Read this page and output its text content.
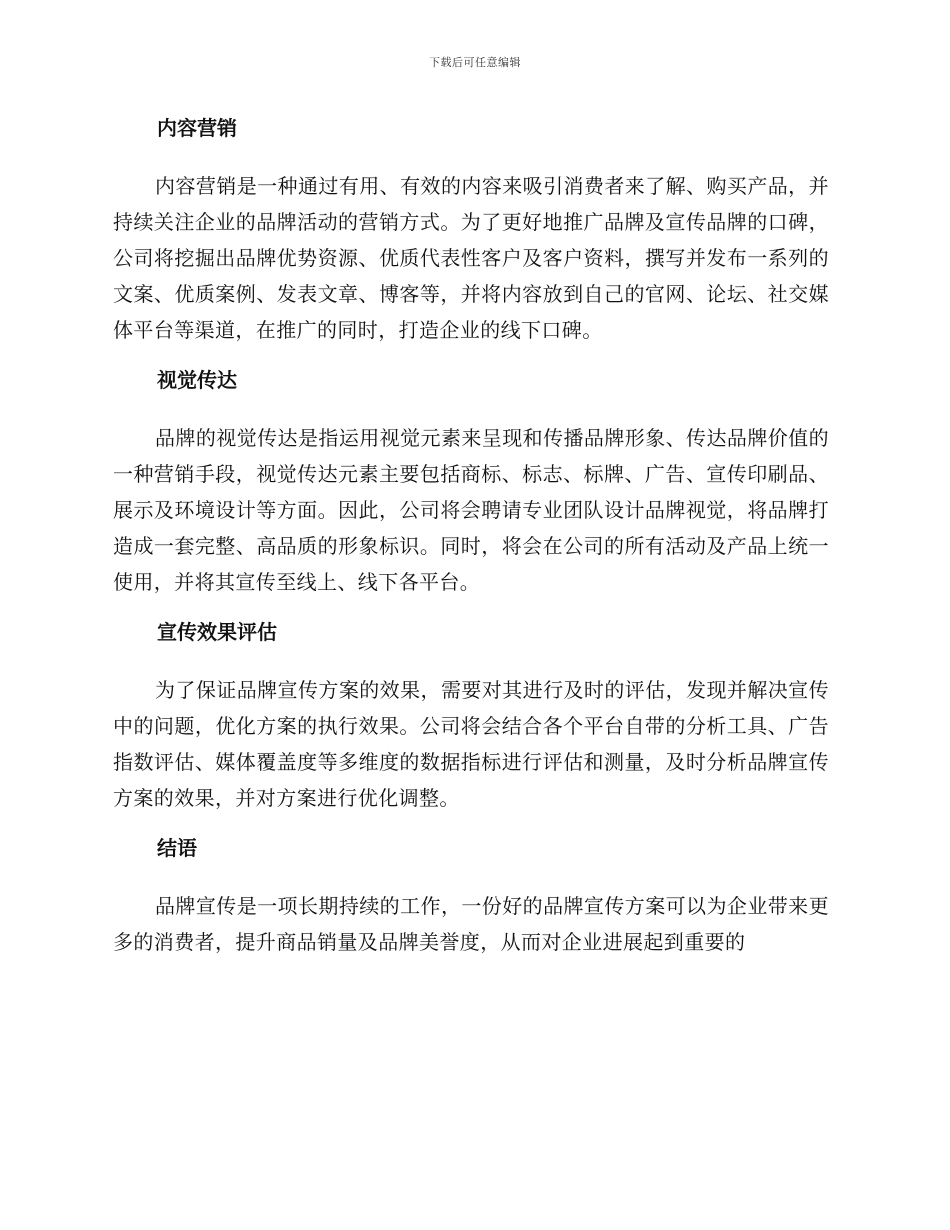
下载后可任意编辑
内容营销

内容营销是一种通过有用、有效的内容来吸引消费者来了解、购买产品，并持续关注企业的品牌活动的营销方式。为了更好地推广品牌及宣传品牌的口碑，公司将挖掘出品牌优势资源、优质代表性客户及客户资料，撰写并发布一系列的文案、优质案例、发表文章、博客等，并将内容放到自己的官网、论坛、社交媒体平台等渠道，在推广的同时，打造企业的线下口碑。

视觉传达

品牌的视觉传达是指运用视觉元素来呈现和传播品牌形象、传达品牌价值的一种营销手段，视觉传达元素主要包括商标、标志、标牌、广告、宣传印刷品、展示及环境设计等方面。因此，公司将会聘请专业团队设计品牌视觉，将品牌打造成一套完整、高品质的形象标识。同时，将会在公司的所有活动及产品上统一使用，并将其宣传至线上、线下各平台。

宣传效果评估

为了保证品牌宣传方案的效果，需要对其进行及时的评估，发现并解决宣传中的问题，优化方案的执行效果。公司将会结合各个平台自带的分析工具、广告指数评估、媒体覆盖度等多维度的数据指标进行评估和测量，及时分析品牌宣传方案的效果，并对方案进行优化调整。

结语

品牌宣传是一项长期持续的工作，一份好的品牌宣传方案可以为企业带来更多的消费者，提升商品销量及品牌美誉度，从而对企业进展起到重要的
